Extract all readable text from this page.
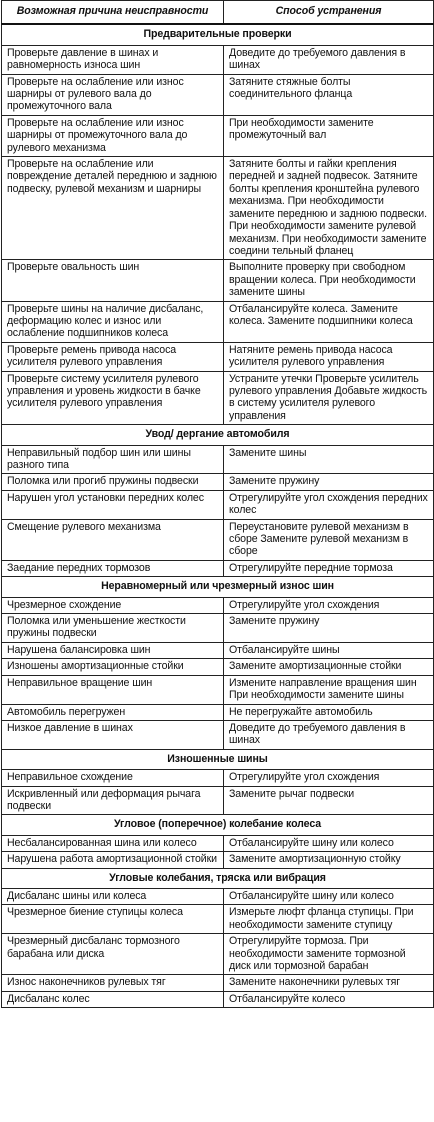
Возможная причина неисправности	Способ устранения
Предварительные проверки	
Проверьте давление в шинах и равномерность износа шин	Доведите до требуемого давления в шинах
Проверьте на ослабление или износ шарниры от рулевого вала до промежуточного вала	Затяните стяжные болты соединительного фланца
Проверьте на ослабление или износ шарниры от промежуточного вала до рулевого механизма	При необходимости замените промежуточный вал
Проверьте на ослабление или повреждение деталей переднюю и заднюю подвеску, рулевой механизм и шарниры	Затяните болты и гайки крепления передней и задней подвесок. Затяните болты крепления кронштейна рулевого механизма. При необходимости замените переднюю и заднюю подвески. При необходимости замените рулевой механизм. При необходимости замените соедини тельный фланец
Проверьте овальность шин	Выполните проверку при свободном вращении колеса. При необходимости замените шины
Проверьте шины на наличие дисбаланс, деформацию колес и износ или ослабление подшипников колеса	Отбалансируйте колеса. Замените колеса. Замените подшипники колеса
Проверьте ремень привода насоса усилителя рулевого управления	Натяните ремень привода насоса усилителя рулевого управления
Проверьте систему усилителя рулевого управления и уровень жидкости в бачке усилителя рулевого управления	Устраните утечки Проверьте усилитель рулевого управления Добавьте жидкость в систему усилителя рулевого управления
Увод/ дергание автомобиля	
Неправильный подбор шин или шины разного типа	Замените шины
Поломка или прогиб пружины подвески	Замените пружину
Нарушен угол установки передних колес	Отрегулируйте угол схождения передних колес
Смещение рулевого механизма	Переустановите рулевой механизм в сборе Замените рулевой механизм в сборе
Заедание передних тормозов	Отрегулируйте передние тормоза
Неравномерный или чрезмерный износ шин	
Чрезмерное схождение	Отрегулируйте угол схождения
Поломка или уменьшение жесткости пружины подвески	Замените пружину
Нарушена балансировка шин	Отбалансируйте шины
Изношены амортизационные стойки	Замените амортизационные стойки
Неправильное вращение шин	Измените направление вращения шин При необходимости замените шины
Автомобиль перегружен	Не перегружайте автомобиль
Низкое давление в шинах	Доведите до требуемого давления в шинах
Изношенные шины	
Неправильное схождение	Отрегулируйте угол схождения
Искривленный или деформация рычага подвески	Замените рычаг подвески
Угловое (поперечное) колебание колеса	
Несбалансированная шина или колесо	Отбалансируйте шину или колесо
Нарушена работа амортизационной стойки	Замените амортизационную стойку
Угловые колебания, тряска или вибрация	
Дисбаланс шины или колеса	Отбалансируйте шину или колесо
Чрезмерное биение ступицы колеса	Измерьте люфт фланца ступицы. При необходимости замените ступицу
Чрезмерный дисбаланс тормозного барабана или диска	Отрегулируйте тормоза. При необходимости замените тормозной диск или тормозной барабан
Износ наконечников рулевых тяг	Замените наконечники рулевых тяг
Дисбаланс колес	Отбалансируйте колесо
